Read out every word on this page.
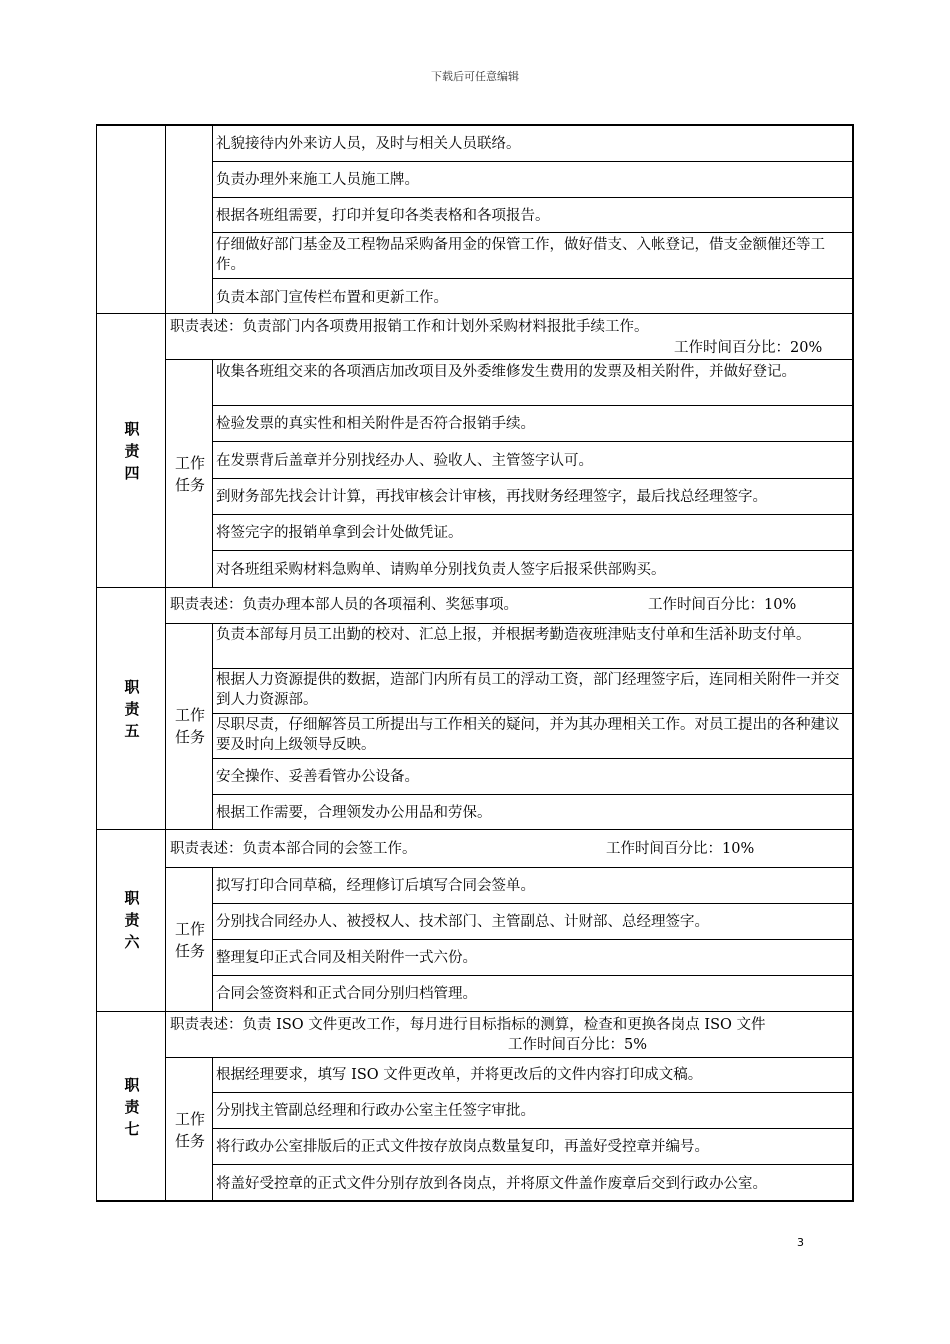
下载后可任意编辑
礼貌接待内外来访人员，及时与相关人员联络。
负责办理外来施工人员施工牌。
根据各班组需要，打印并复印各类表格和各项报告。
仔细做好部门基金及工程物品采购备用金的保管工作，做好借支、入帐登记，借支金额催还等工作。
负责本部门宣传栏布置和更新工作。
职责四
职责表述：负责部门内各项费用报销工作和计划外采购材料报批手续工作。
工作时间百分比：20%
工作任务
收集各班组交来的各项酒店加改项目及外委维修发生费用的发票及相关附件，并做好登记。
检验发票的真实性和相关附件是否符合报销手续。
在发票背后盖章并分别找经办人、验收人、主管签字认可。
到财务部先找会计计算，再找审核会计审核，再找财务经理签字，最后找总经理签字。
将签完字的报销单拿到会计处做凭证。
对各班组采购材料急购单、请购单分别找负责人签字后报采供部购买。
职责五
职责表述：负责办理本部人员的各项福利、奖惩事项。	工作时间百分比：10%
工作任务
负责本部每月员工出勤的校对、汇总上报，并根据考勤造夜班津贴支付单和生活补助支付单。
根据人力资源提供的数据，造部门内所有员工的浮动工资，部门经理签字后，连同相关附件一并交到人力资源部。
尽职尽责，仔细解答员工所提出与工作相关的疑问，并为其办理相关工作。对员工提出的各种建议要及时向上级领导反映。
安全操作、妥善看管办公设备。
根据工作需要，合理领发办公用品和劳保。
职责六
职责表述：负责本部合同的会签工作。	工作时间百分比：10%
工作任务
拟写打印合同草稿，经理修订后填写合同会签单。
分别找合同经办人、被授权人、技术部门、主管副总、计财部、总经理签字。
整理复印正式合同及相关附件一式六份。
合同会签资料和正式合同分别归档管理。
职责七
职责表述：负责 ISO 文件更改工作，每月进行目标指标的测算，检查和更换各岗点 ISO 文件
工作时间百分比：5%
工作任务
根据经理要求，填写 ISO 文件更改单，并将更改后的文件内容打印成文稿。
分别找主管副总经理和行政办公室主任签字审批。
将行政办公室排版后的正式文件按存放岗点数量复印，再盖好受控章并编号。
将盖好受控章的正式文件分别存放到各岗点，并将原文件盖作废章后交到行政办公室。
3
